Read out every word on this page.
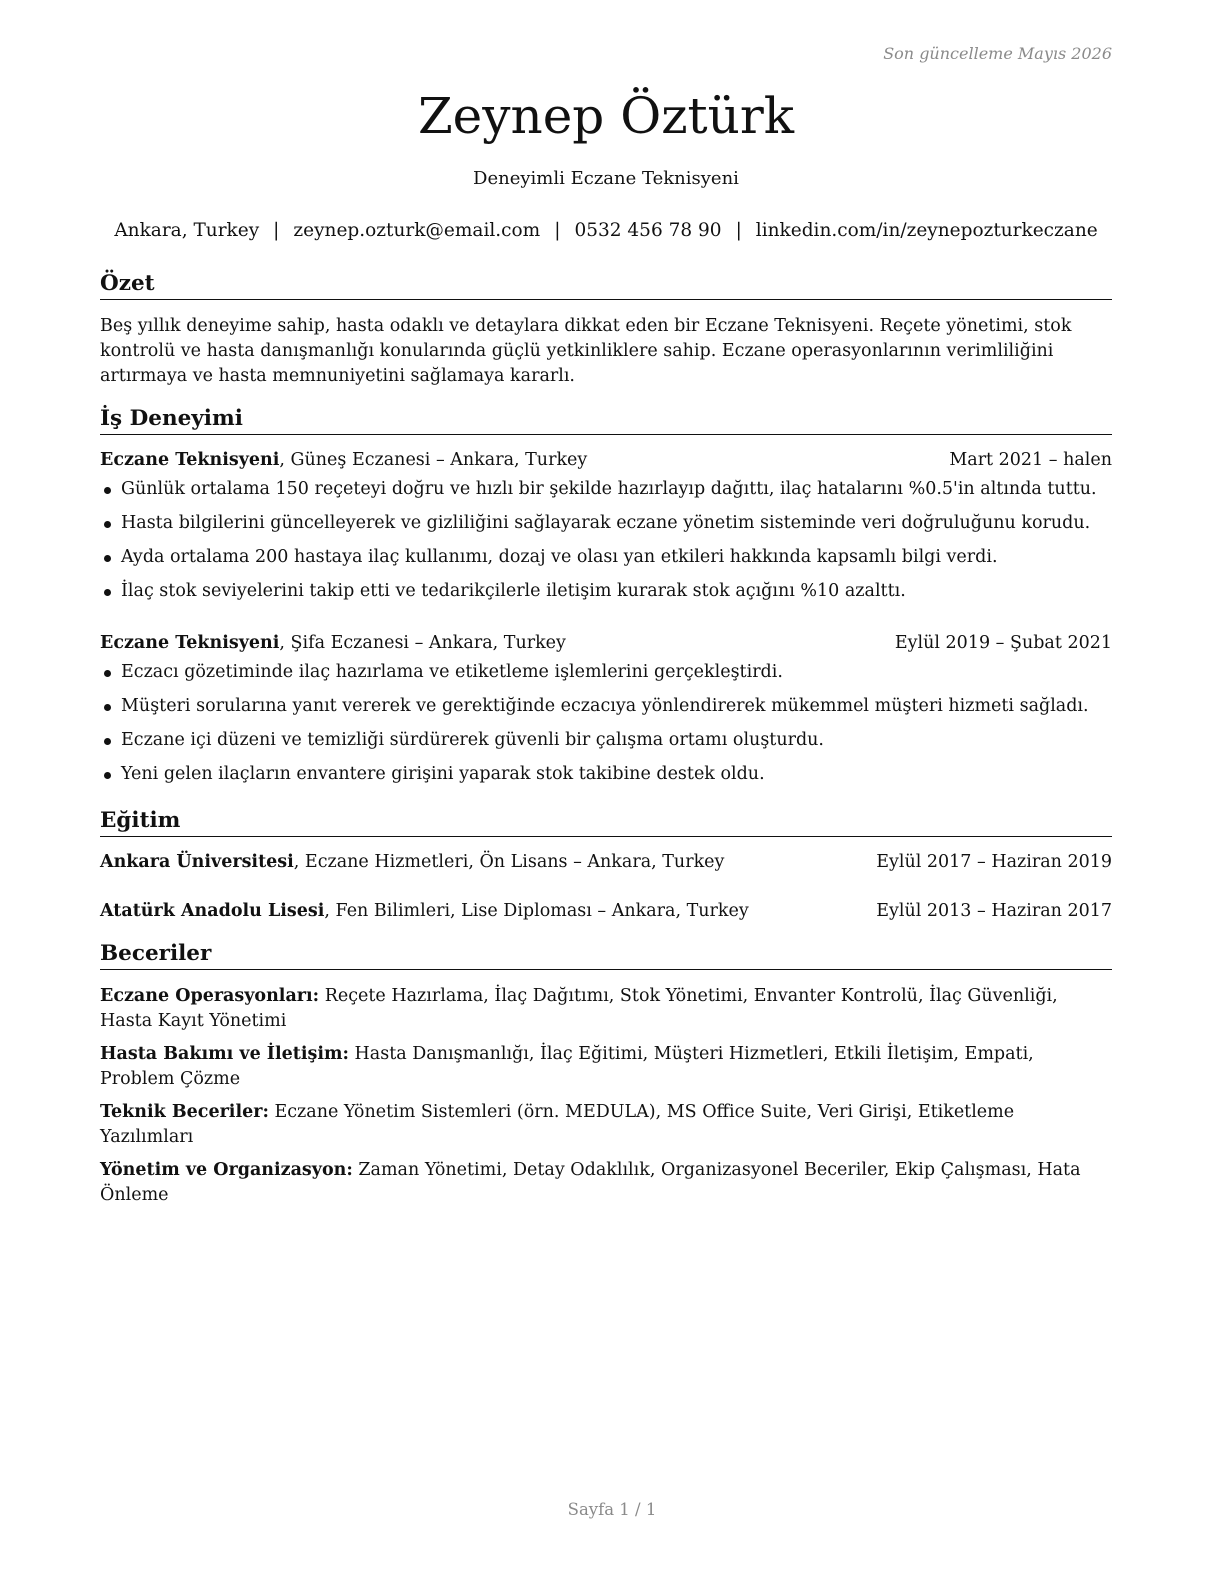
Son güncelleme Mayıs 2026
Zeynep Öztürk
Deneyimli Eczane Teknisyeni
Ankara, Turkey | zeynep.ozturk@email.com | 0532 456 78 90 | linkedin.com/in/zeynepozturkeczane
Özet
Beş yıllık deneyime sahip, hasta odaklı ve detaylara dikkat eden bir Eczane Teknisyeni. Reçete yönetimi, stok kontrolü ve hasta danışmanlığı konularında güçlü yetkinliklere sahip. Eczane operasyonlarının verimliliğini artırmaya ve hasta memnuniyetini sağlamaya kararlı.
İş Deneyimi
Eczane Teknisyeni, Güneş Eczanesi – Ankara, Turkey	Mart 2021 – halen
Günlük ortalama 150 reçeteyi doğru ve hızlı bir şekilde hazırlayıp dağıttı, ilaç hatalarını %0.5'in altında tuttu.
Hasta bilgilerini güncelleyerek ve gizliliğini sağlayarak eczane yönetim sisteminde veri doğruluğunu korudu.
Ayda ortalama 200 hastaya ilaç kullanımı, dozaj ve olası yan etkileri hakkında kapsamlı bilgi verdi.
İlaç stok seviyelerini takip etti ve tedarikçilerle iletişim kurarak stok açığını %10 azalttı.
Eczane Teknisyeni, Şifa Eczanesi – Ankara, Turkey	Eylül 2019 – Şubat 2021
Eczacı gözetiminde ilaç hazırlama ve etiketleme işlemlerini gerçekleştirdi.
Müşteri sorularına yanıt vererek ve gerektiğinde eczacıya yönlendirerek mükemmel müşteri hizmeti sağladı.
Eczane içi düzeni ve temizliği sürdürerek güvenli bir çalışma ortamı oluşturdu.
Yeni gelen ilaçların envantere girişini yaparak stok takibine destek oldu.
Eğitim
Ankara Üniversitesi, Eczane Hizmetleri, Ön Lisans – Ankara, Turkey	Eylül 2017 – Haziran 2019
Atatürk Anadolu Lisesi, Fen Bilimleri, Lise Diploması – Ankara, Turkey	Eylül 2013 – Haziran 2017
Beceriler
Eczane Operasyonları: Reçete Hazırlama, İlaç Dağıtımı, Stok Yönetimi, Envanter Kontrolü, İlaç Güvenliği, Hasta Kayıt Yönetimi
Hasta Bakımı ve İletişim: Hasta Danışmanlığı, İlaç Eğitimi, Müşteri Hizmetleri, Etkili İletişim, Empati, Problem Çözme
Teknik Beceriler: Eczane Yönetim Sistemleri (örn. MEDULA), MS Office Suite, Veri Girişi, Etiketleme Yazılımları
Yönetim ve Organizasyon: Zaman Yönetimi, Detay Odaklılık, Organizasyonel Beceriler, Ekip Çalışması, Hata Önleme
Sayfa 1 / 1
